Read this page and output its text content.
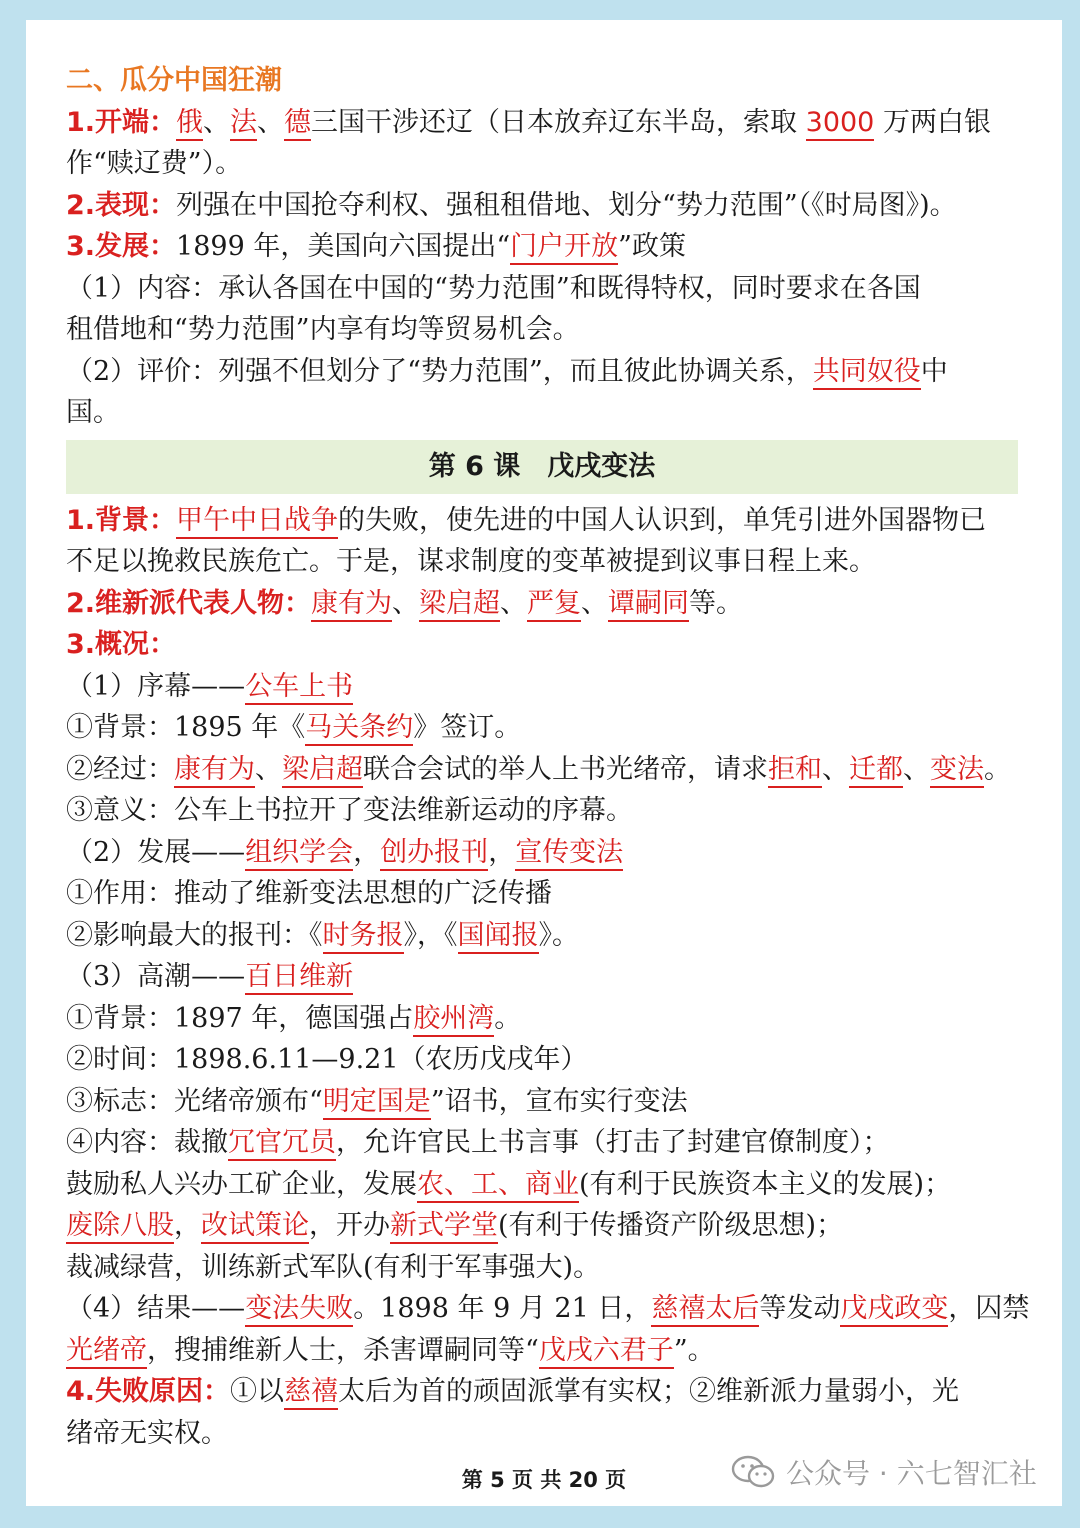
二、瓜分中国狂潮
1.开端：俄、法、德三国干涉还辽（日本放弃辽东半岛，索取 3000 万两白银
作“赎辽费”）。
2.表现：列强在中国抢夺利权、强租租借地、划分“势力范围”（《时局图》)。
3.发展：1899 年，美国向六国提出“门户开放”政策
（1）内容：承认各国在中国的“势力范围”和既得特权，同时要求在各国
租借地和“势力范围”内享有均等贸易机会。
（2）评价：列强不但划分了“势力范围”，而且彼此协调关系，共同奴役中
国。
第 6 课　戊戌变法
1.背景：甲午中日战争的失败，使先进的中国人认识到，单凭引进外国器物已
不足以挽救民族危亡。于是，谋求制度的变革被提到议事日程上来。
2.维新派代表人物：康有为、梁启超、严复、谭嗣同等。
3.概况：
（1）序幕——公车上书
①背景：1895 年《马关条约》签订。
②经过：康有为、梁启超联合会试的举人上书光绪帝，请求拒和、迁都、变法。
③意义：公车上书拉开了变法维新运动的序幕。
（2）发展——组织学会，创办报刊，宣传变法
①作用：推动了维新变法思想的广泛传播
②影响最大的报刊：《时务报》，《国闻报》。
（3）高潮——百日维新
①背景：1897 年，德国强占胶州湾。
②时间：1898.6.11—9.21（农历戊戌年）
③标志：光绪帝颁布“明定国是”诏书，宣布实行变法
④内容：裁撤冗官冗员，允许官民上书言事（打击了封建官僚制度）；
鼓励私人兴办工矿企业，发展农、工、商业(有利于民族资本主义的发展)；
废除八股，改试策论，开办新式学堂(有利于传播资产阶级思想)；
裁减绿营，训练新式军队(有利于军事强大)。
（4）结果——变法失败。1898 年 9 月 21 日，慈禧太后等发动戊戌政变，囚禁
光绪帝，搜捕维新人士，杀害谭嗣同等“戊戌六君子”。
4.失败原因：①以慈禧太后为首的顽固派掌有实权；②维新派力量弱小，光
绪帝无实权。
第 5 页 共 20 页	公众号 · 六七智汇社
